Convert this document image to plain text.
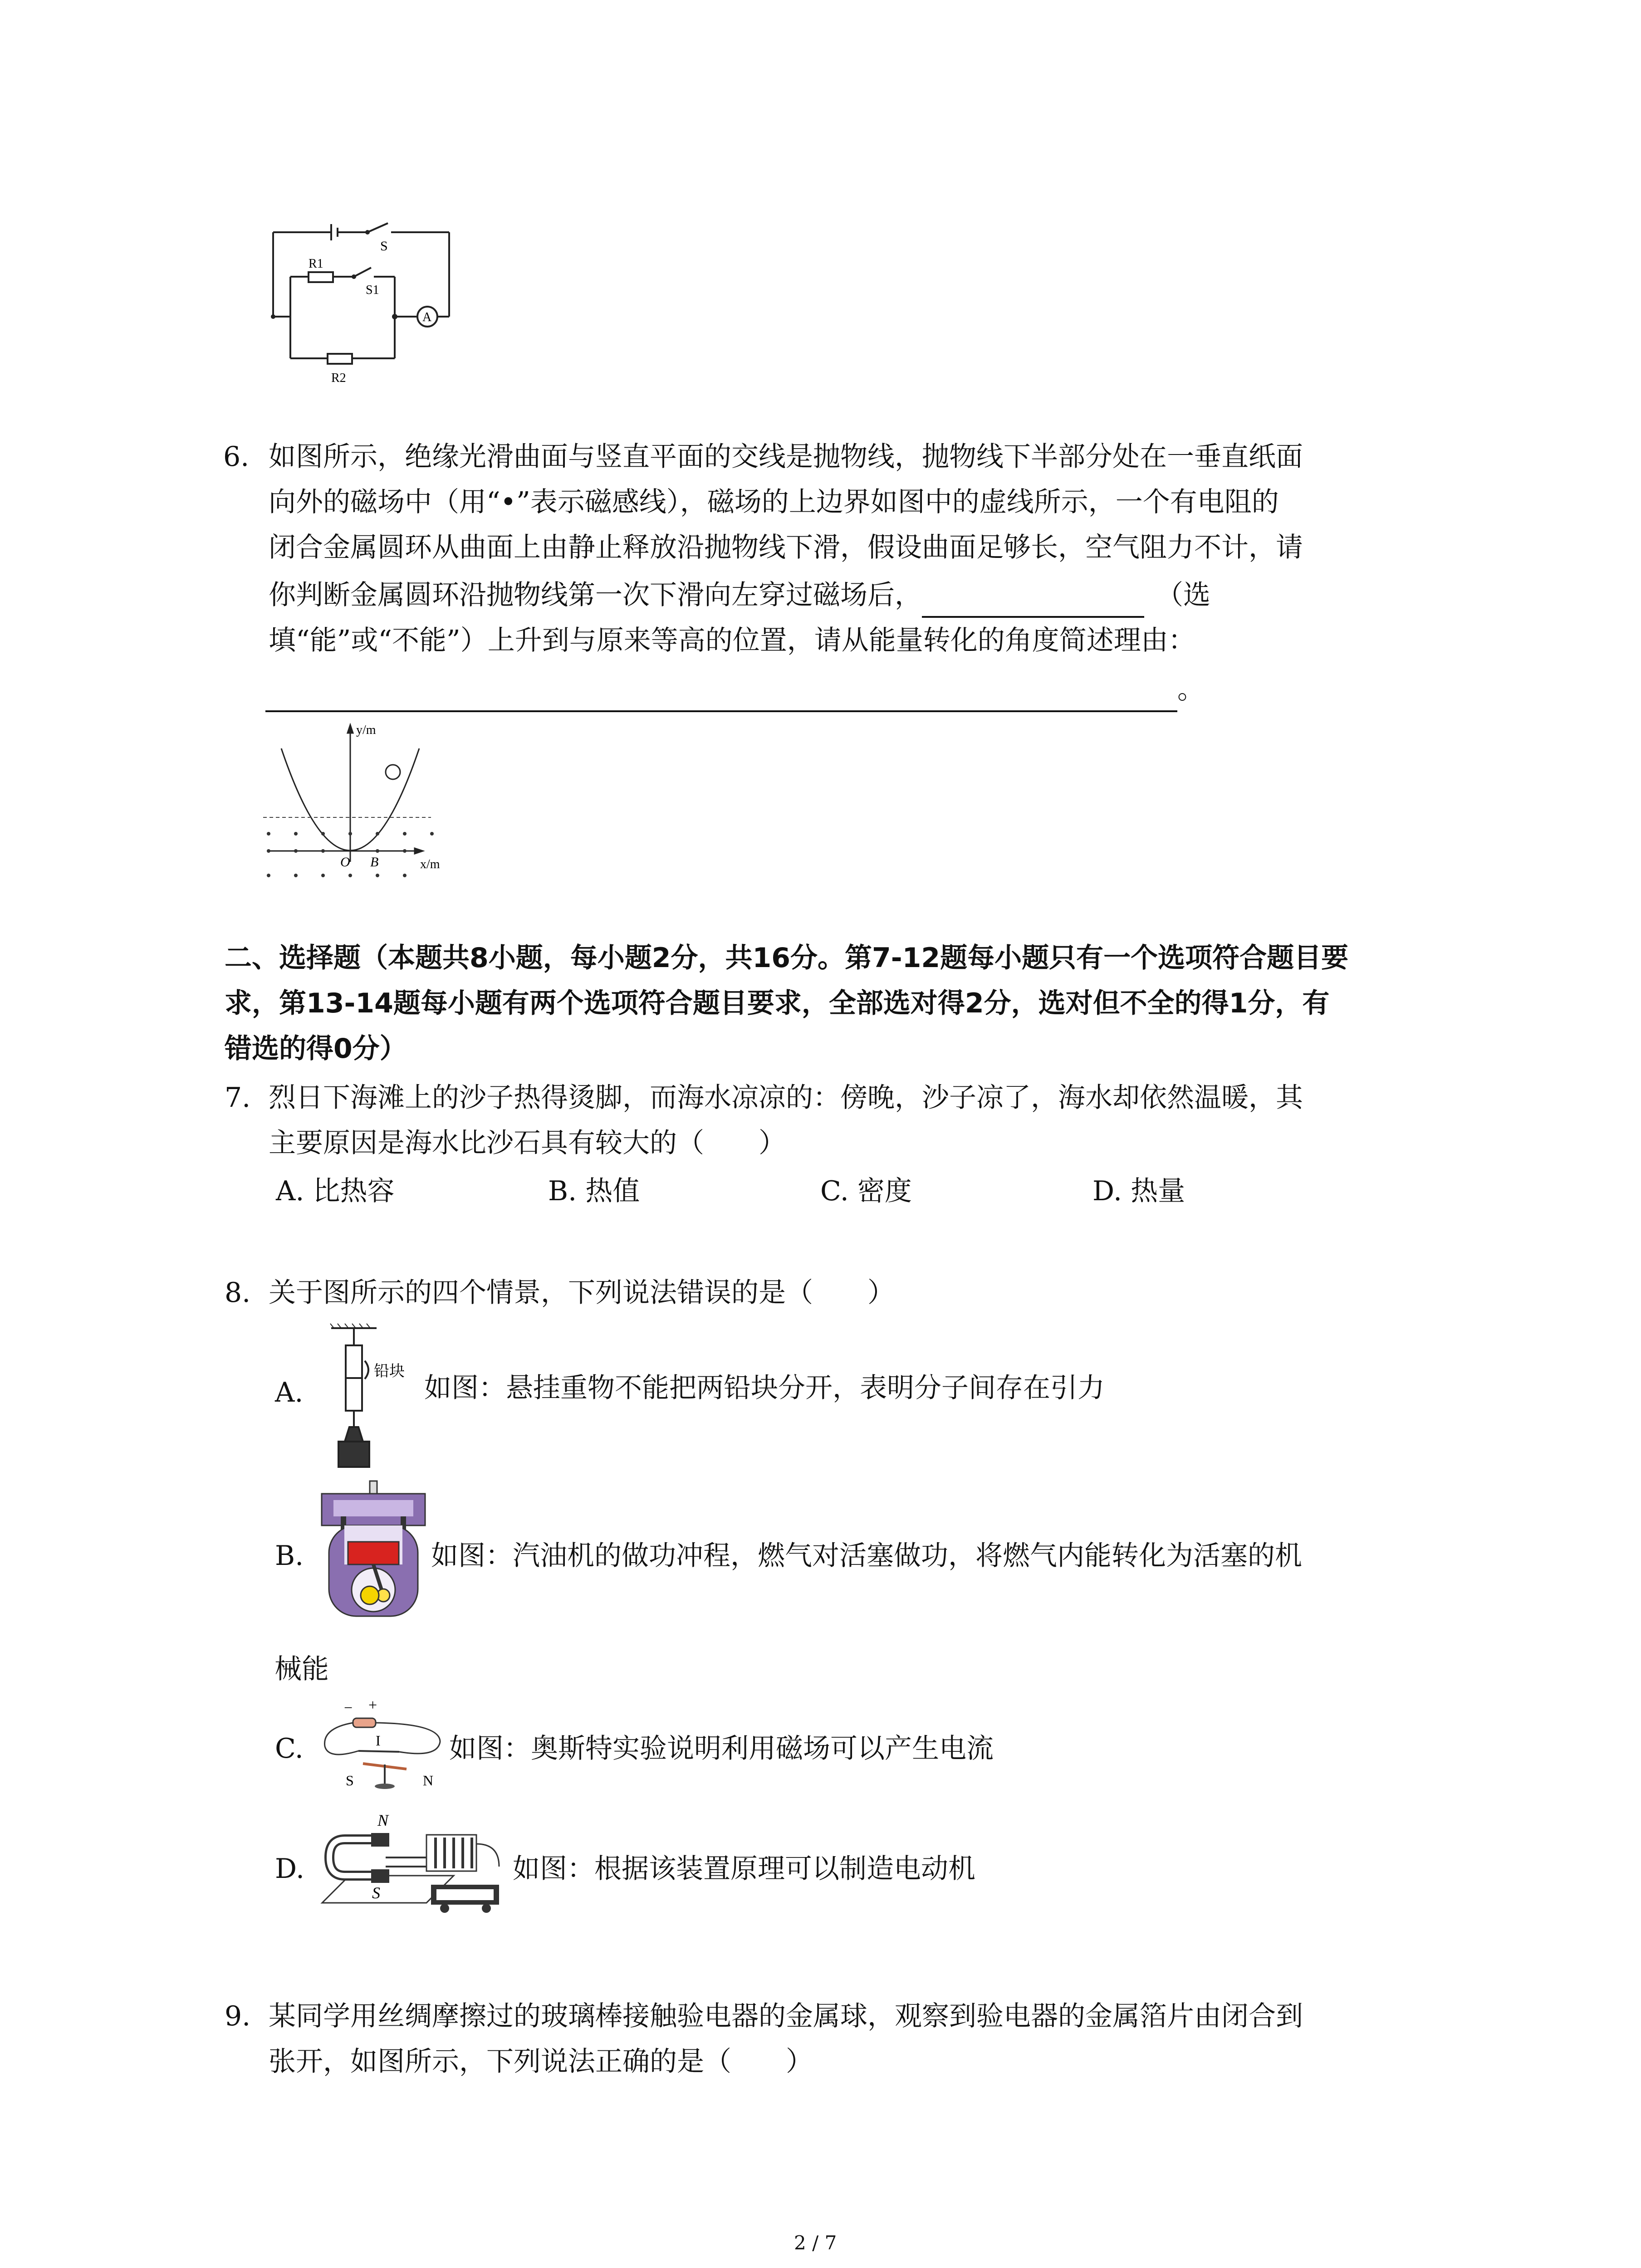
S
R1
S1
A
R2
6. 如图所示，绝缘光滑曲面与竖直平面的交线是抛物线，抛物线下半部分处在一垂直纸面
向外的磁场中（用“•”表示磁感线），磁场的上边界如图中的虚线所示，一个有电阻的
闭合金属圆环从曲面上由静止释放沿抛物线下滑，假设曲面足够长，空气阻力不计，请
你判断金属圆环沿抛物线第一次下滑向左穿过磁场后，	（选
填“能”或“不能”）上升到与原来等高的位置，请从能量转化的角度简述理由：
。
y/m
x/m
O B
二、选择题（本题共8小题，每小题2分，共16分。第7-12题每小题只有一个选项符合题目要
求，第13-14题每小题有两个选项符合题目要求，全部选对得2分，选对但不全的得1分，有
错选的得0分）
7. 烈日下海滩上的沙子热得烫脚，而海水凉凉的：傍晚，沙子凉了，海水却依然温暖，其
主要原因是海水比沙石具有较大的（　　）
A. 比热容	B. 热值	C. 密度	D. 热量
8. 关于图所示的四个情景，下列说法错误的是（　　）
A.
铅块
如图：悬挂重物不能把两铅块分开，表明分子间存在引力
B.	如图：汽油机的做功冲程，燃气对活塞做功，将燃气内能转化为活塞的机
械能
C.
− +
I
S	N
如图：奥斯特实验说明利用磁场可以产生电流
D.
N
S
如图：根据该装置原理可以制造电动机
9. 某同学用丝绸摩擦过的玻璃棒接触验电器的金属球，观察到验电器的金属箔片由闭合到
张开，如图所示，下列说法正确的是（　　）
2 / 7
